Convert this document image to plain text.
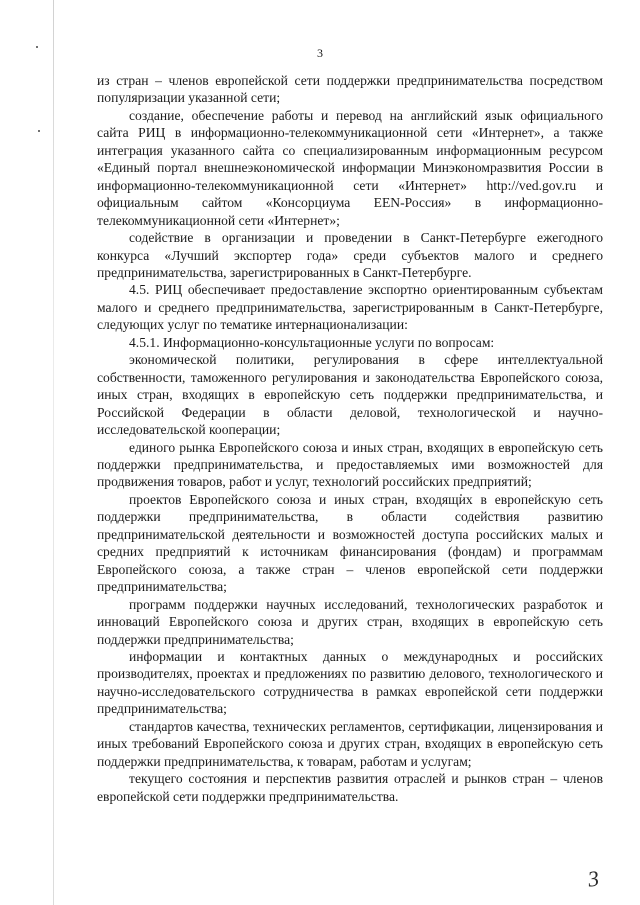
3

из стран – членов европейской сети поддержки предпринимательства посредством популяризации указанной сети;

создание, обеспечение работы и перевод на английский язык официального сайта РИЦ в информационно-телекоммуникационной сети «Интернет», а также интеграция указанного сайта со специализированным информационным ресурсом «Единый портал внешнеэкономической информации Минэкономразвития России в информационно-телекоммуникационной сети «Интернет» http://ved.gov.ru и официальным сайтом «Консорциума EEN-Россия» в информационно-телекоммуникационной сети «Интернет»;

содействие в организации и проведении в Санкт-Петербурге ежегодного конкурса «Лучший экспортер года» среди субъектов малого и среднего предпринимательства, зарегистрированных в Санкт-Петербурге.

4.5. РИЦ обеспечивает предоставление экспортно ориентированным субъектам малого и среднего предпринимательства, зарегистрированным в Санкт-Петербурге, следующих услуг по тематике интернационализации:

4.5.1. Информационно-консультационные услуги по вопросам:

экономической политики, регулирования в сфере интеллектуальной собственности, таможенного регулирования и законодательства Европейского союза, иных стран, входящих в европейскую сеть поддержки предпринимательства, и Российской Федерации в области деловой, технологической и научно-исследовательской кооперации;

единого рынка Европейского союза и иных стран, входящих в европейскую сеть поддержки предпринимательства, и предоставляемых ими возможностей для продвижения товаров, работ и услуг, технологий российских предприятий;

проектов Европейского союза и иных стран, входящих в европейскую сеть поддержки предпринимательства, в области содействия развитию предпринимательской деятельности и возможностей доступа российских малых и средних предприятий к источникам финансирования (фондам) и программам Европейского союза, а также стран – членов европейской сети поддержки предпринимательства;

программ поддержки научных исследований, технологических разработок и инноваций Европейского союза и других стран, входящих в европейскую сеть поддержки предпринимательства;

информации и контактных данных о международных и российских производителях, проектах и предложениях по развитию делового, технологического и научно-исследовательского сотрудничества в рамках европейской сети поддержки предпринимательства;

стандартов качества, технических регламентов, сертификации, лицензирования и иных требований Европейского союза и других стран, входящих в европейскую сеть поддержки предпринимательства, к товарам, работам и услугам;

текущего состояния и перспектив развития отраслей и рынков стран – членов европейской сети поддержки предпринимательства.

3
